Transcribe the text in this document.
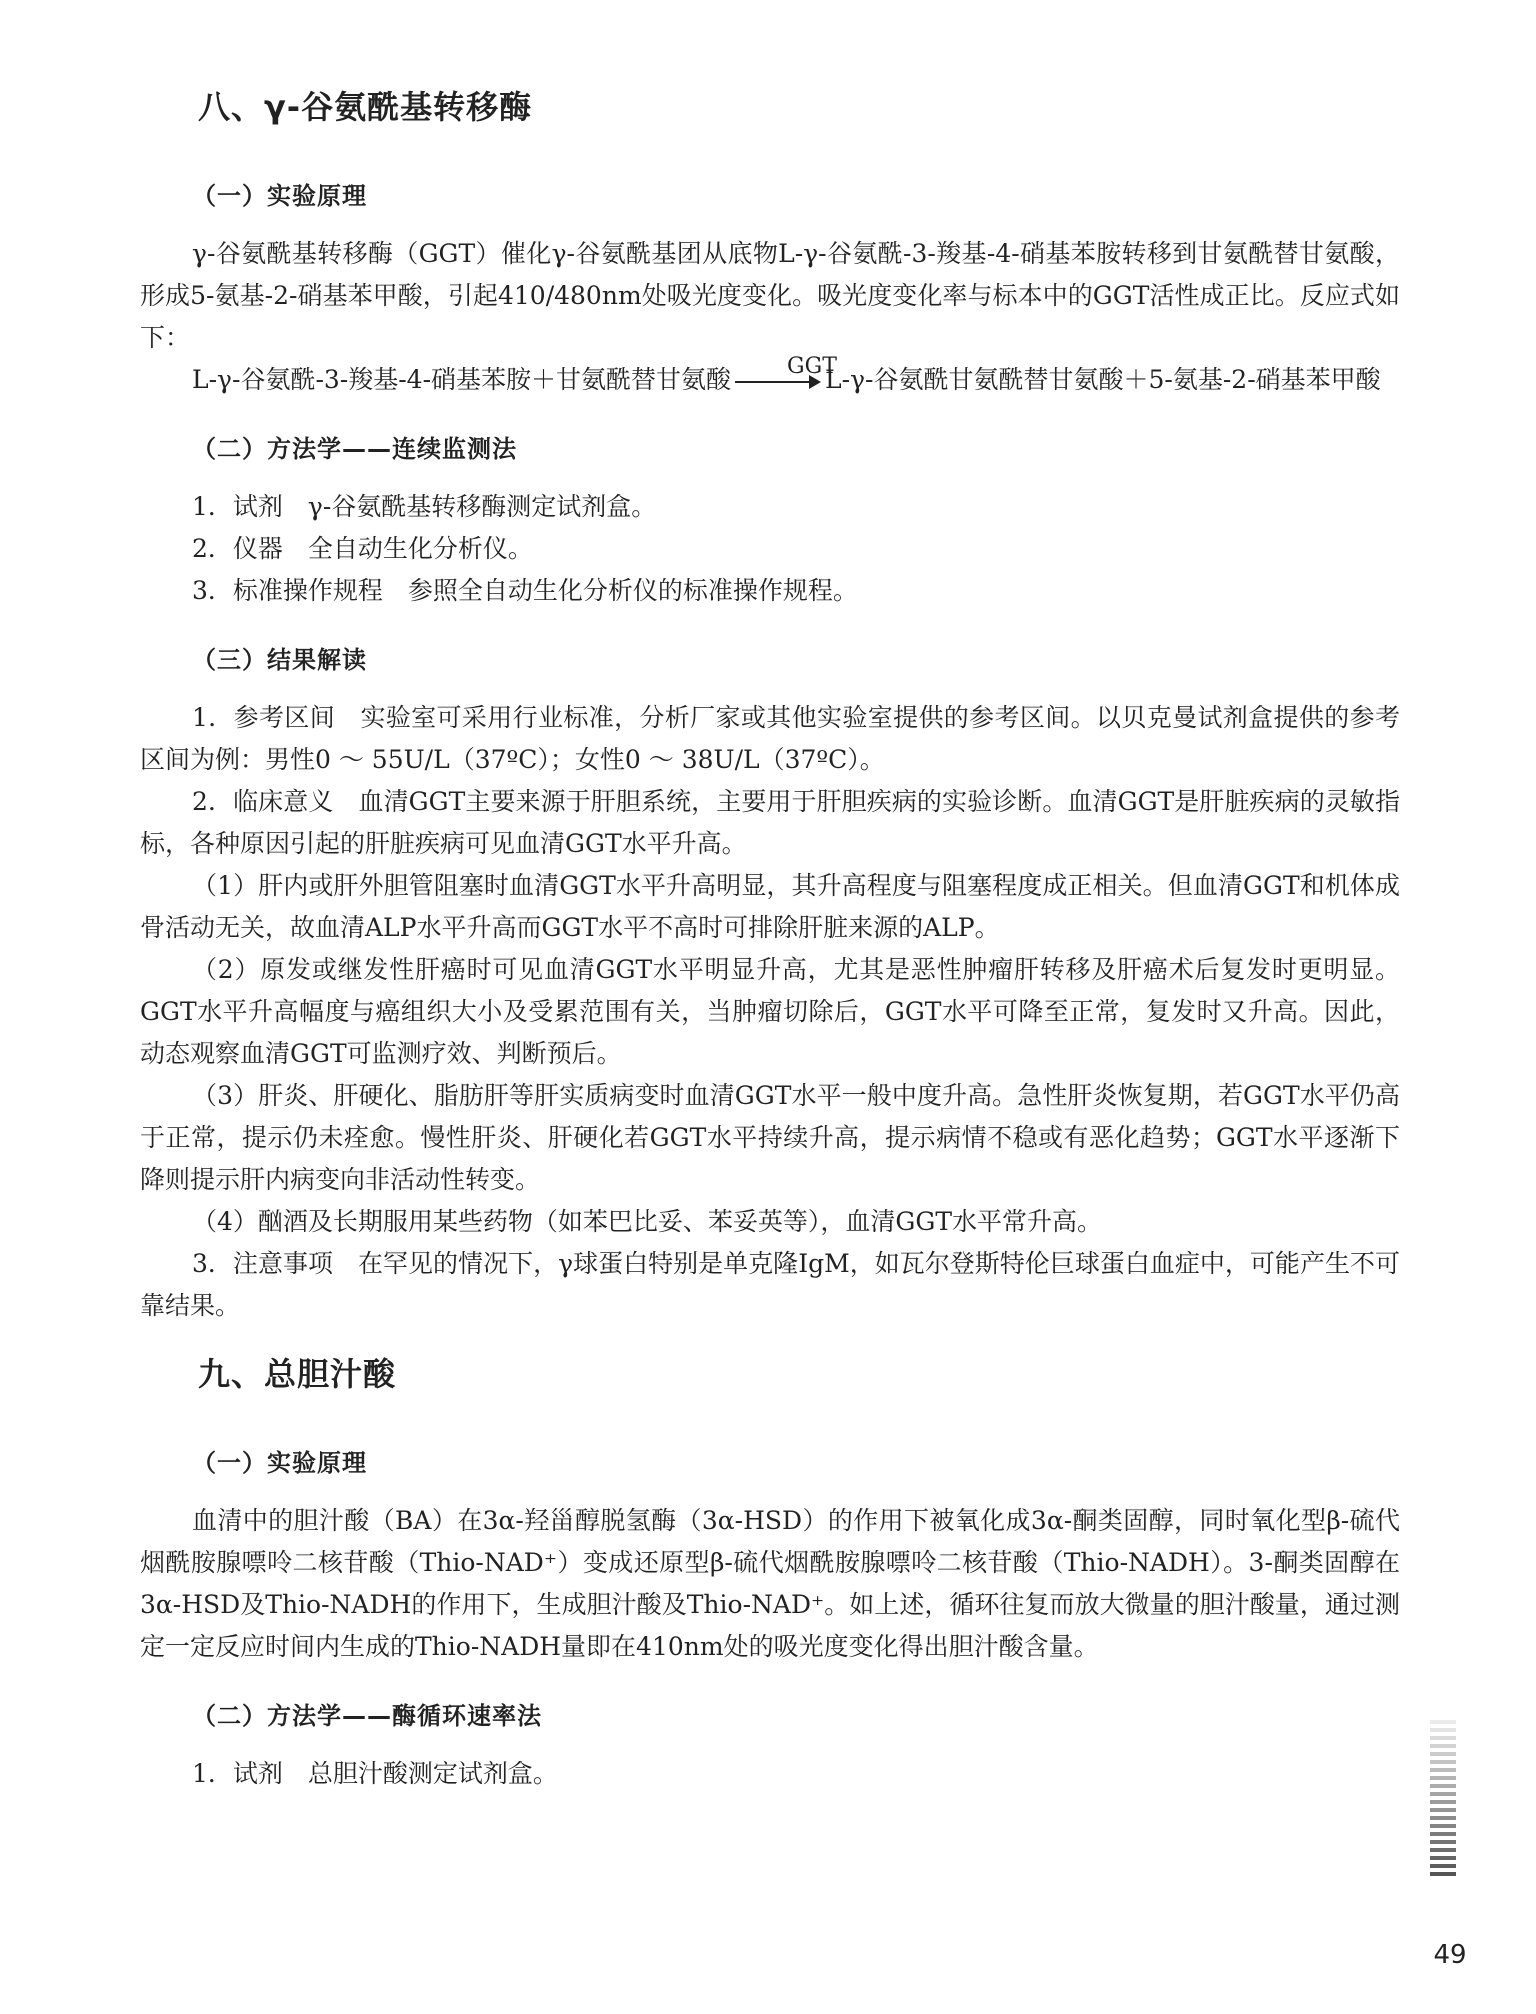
八、γ-谷氨酰基转移酶
（一）实验原理

γ-谷氨酰基转移酶（GGT）催化γ-谷氨酰基团从底物L-γ-谷氨酰-3-羧基-4-硝基苯胺转移到甘氨酰替甘氨酸，形成5-氨基-2-硝基苯甲酸，引起410/480nm处吸光度变化。吸光度变化率与标本中的GGT活性成正比。反应式如下：

L-γ-谷氨酰-3-羧基-4-硝基苯胺＋甘氨酰替甘氨酸	GGT
L-γ-谷氨酰甘氨酰替甘氨酸＋5-氨基-2-硝基苯甲酸

（二）方法学——连续监测法

1．试剂　γ-谷氨酰基转移酶测定试剂盒。

2．仪器　全自动生化分析仪。

3．标准操作规程　参照全自动生化分析仪的标准操作规程。

（三）结果解读

1．参考区间　实验室可采用行业标准，分析厂家或其他实验室提供的参考区间。以贝克曼试剂盒提供的参考区间为例：男性0 ～ 55U/L（37ºC）；女性0 ～ 38U/L（37ºC）。

2．临床意义　血清GGT主要来源于肝胆系统，主要用于肝胆疾病的实验诊断。血清GGT是肝脏疾病的灵敏指标，各种原因引起的肝脏疾病可见血清GGT水平升高。

（1）肝内或肝外胆管阻塞时血清GGT水平升高明显，其升高程度与阻塞程度成正相关。但血清GGT和机体成骨活动无关，故血清ALP水平升高而GGT水平不高时可排除肝脏来源的ALP。

（2）原发或继发性肝癌时可见血清GGT水平明显升高，尤其是恶性肿瘤肝转移及肝癌术后复发时更明显。GGT水平升高幅度与癌组织大小及受累范围有关，当肿瘤切除后，GGT水平可降至正常，复发时又升高。因此，动态观察血清GGT可监测疗效、判断预后。

（3）肝炎、肝硬化、脂肪肝等肝实质病变时血清GGT水平一般中度升高。急性肝炎恢复期，若GGT水平仍高于正常，提示仍未痊愈。慢性肝炎、肝硬化若GGT水平持续升高，提示病情不稳或有恶化趋势；GGT水平逐渐下降则提示肝内病变向非活动性转变。

（4）酗酒及长期服用某些药物（如苯巴比妥、苯妥英等），血清GGT水平常升高。

3．注意事项　在罕见的情况下，γ球蛋白特别是单克隆IgM，如瓦尔登斯特伦巨球蛋白血症中，可能产生不可靠结果。

九、总胆汁酸
（一）实验原理

血清中的胆汁酸（BA）在3α-羟甾醇脱氢酶（3α-HSD）的作用下被氧化成3α-酮类固醇，同时氧化型β-硫代烟酰胺腺嘌呤二核苷酸（Thio-NAD⁺）变成还原型β-硫代烟酰胺腺嘌呤二核苷酸（Thio-NADH）。3-酮类固醇在3α-HSD及Thio-NADH的作用下，生成胆汁酸及Thio-NAD⁺。如上述，循环往复而放大微量的胆汁酸量，通过测定一定反应时间内生成的Thio-NADH量即在410nm处的吸光度变化得出胆汁酸含量。

（二）方法学——酶循环速率法

1．试剂　总胆汁酸测定试剂盒。

49
